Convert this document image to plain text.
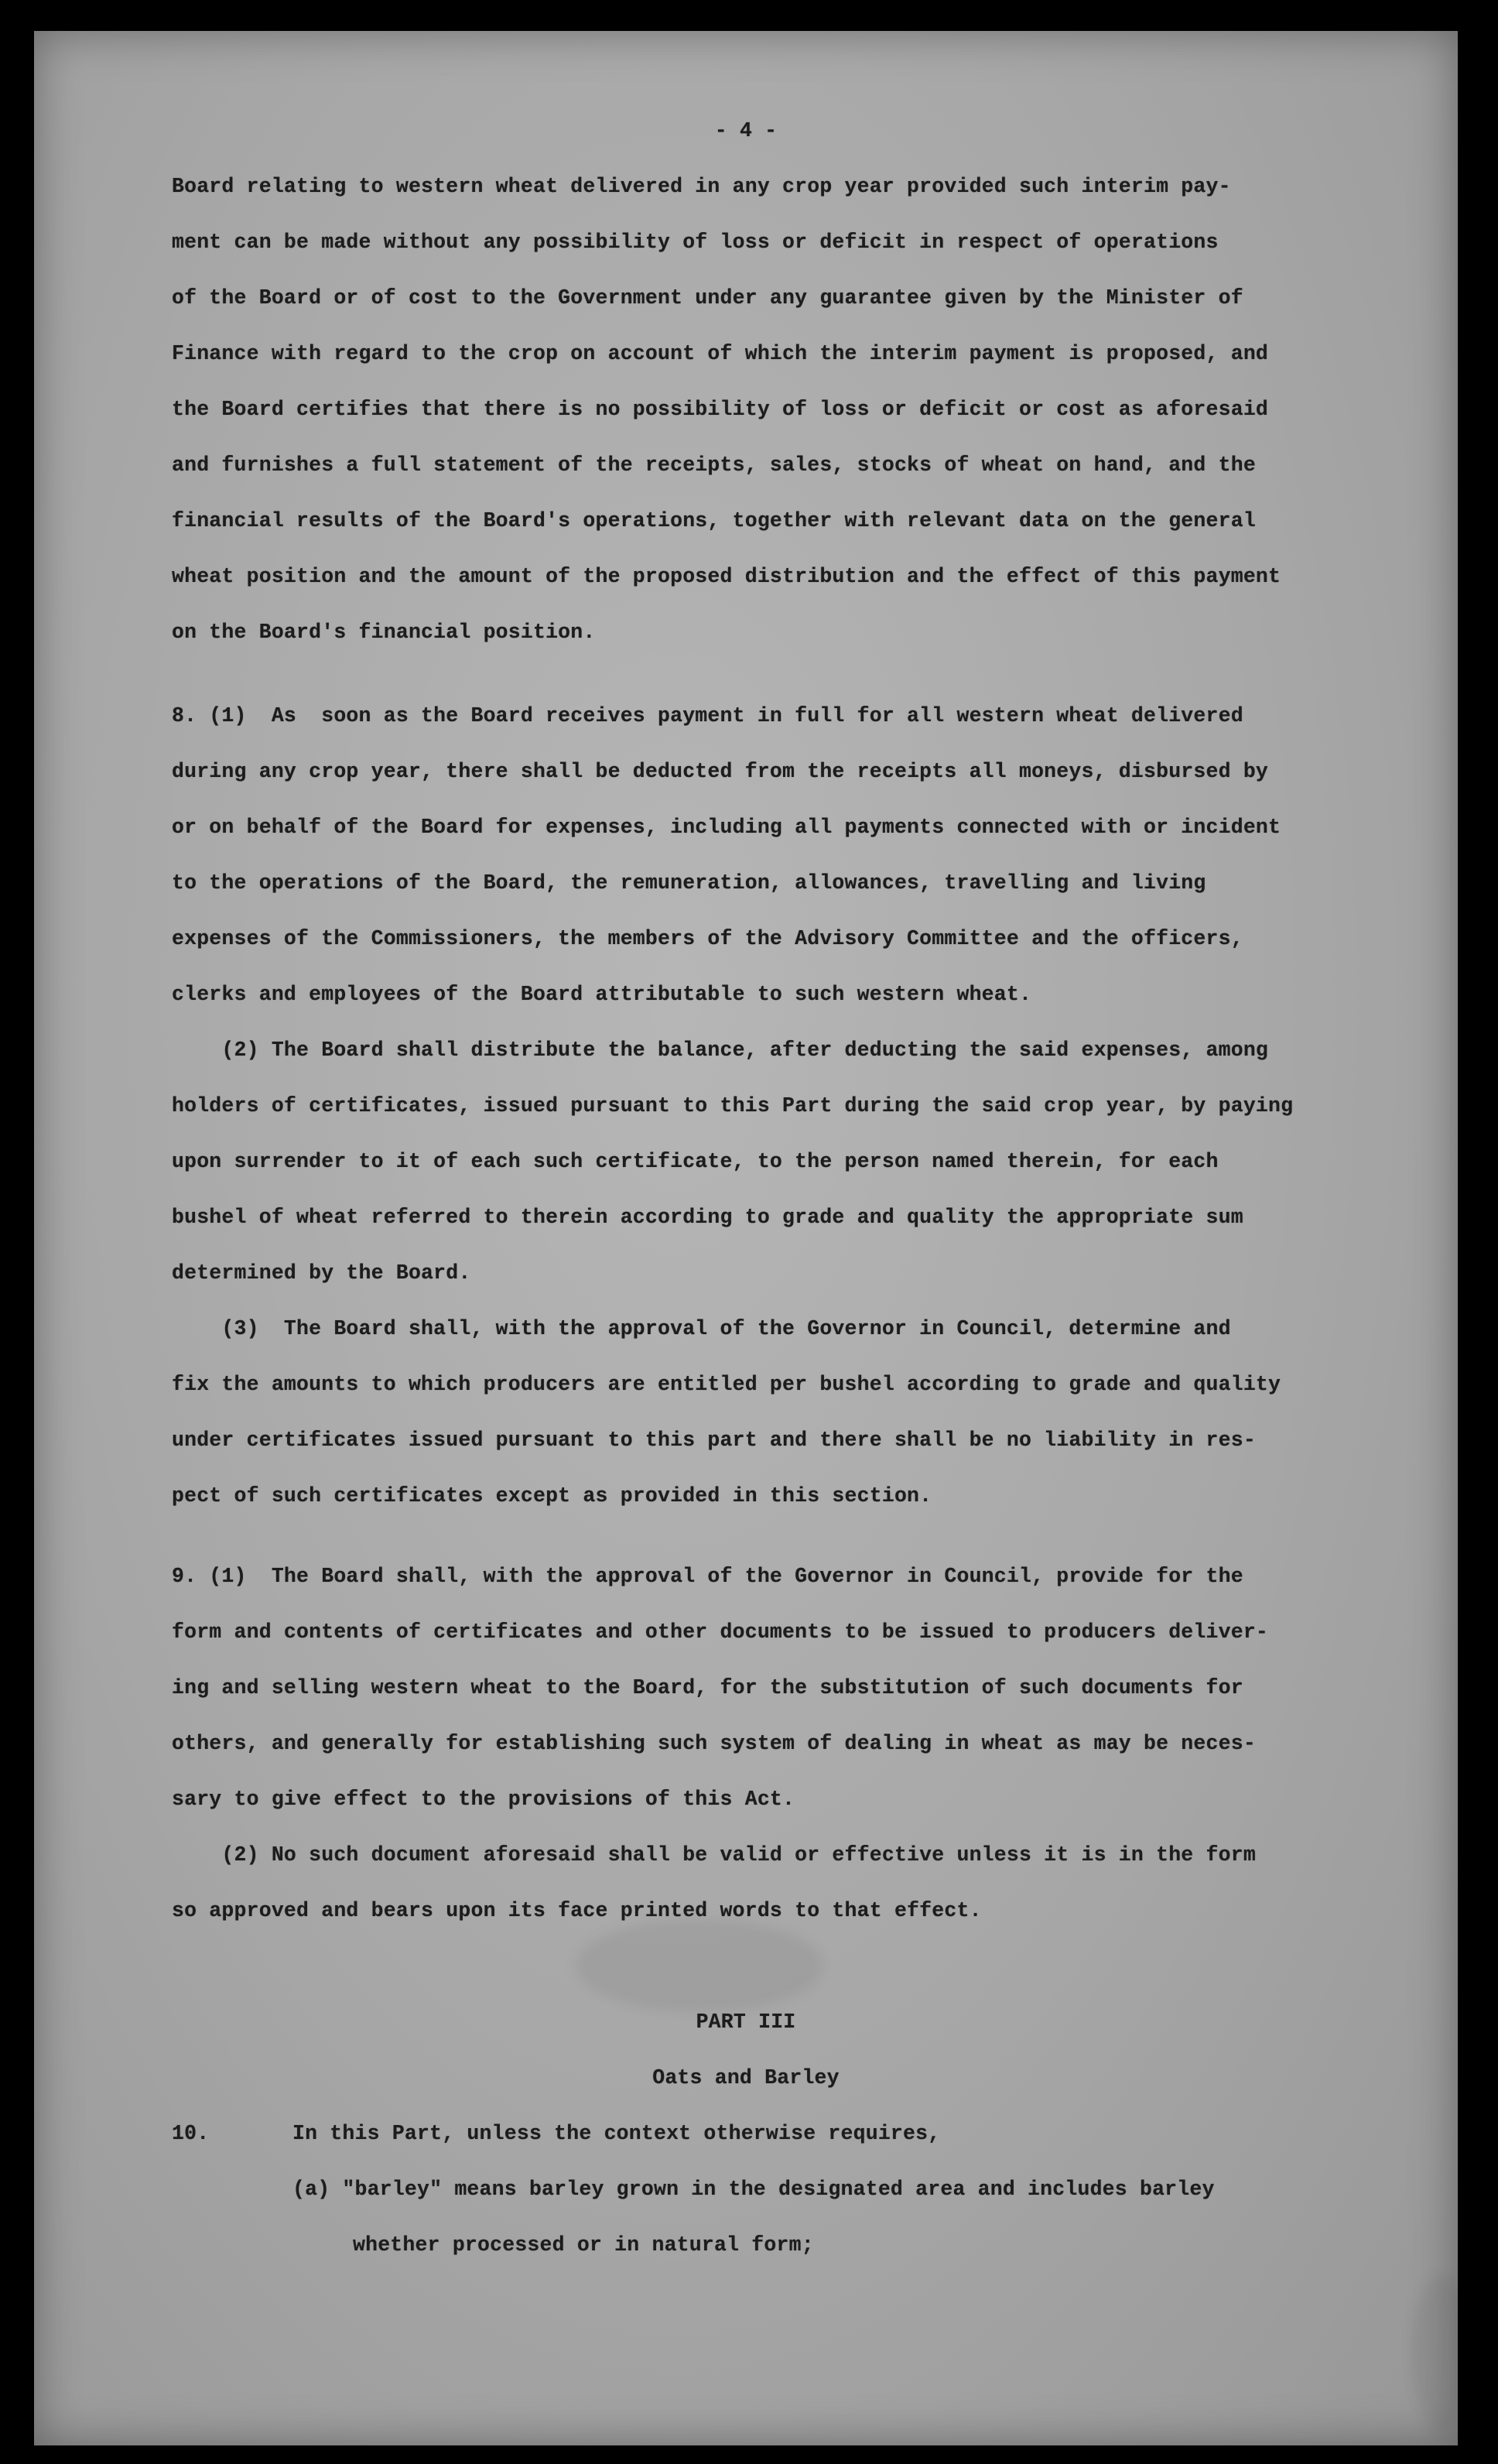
- 4 -
Board relating to western wheat delivered in any crop year provided such interim pay-
ment can be made without any possibility of loss or deficit in respect of operations
of the Board or of cost to the Government under any guarantee given by the Minister of
Finance with regard to the crop on account of which the interim payment is proposed, and
the Board certifies that there is no possibility of loss or deficit or cost as aforesaid
and furnishes a full statement of the receipts, sales, stocks of wheat on hand, and the
financial results of the Board's operations, together with relevant data on the general
wheat position and the amount of the proposed distribution and the effect of this payment
on the Board's financial position.
8. (1)  As  soon as the Board receives payment in full for all western wheat delivered
during any crop year, there shall be deducted from the receipts all moneys, disbursed by
or on behalf of the Board for expenses, including all payments connected with or incident
to the operations of the Board, the remuneration, allowances, travelling and living
expenses of the Commissioners, the members of the Advisory Committee and the officers,
clerks and employees of the Board attributable to such western wheat.
(2) The Board shall distribute the balance, after deducting the said expenses, among
holders of certificates, issued pursuant to this Part during the said crop year, by paying
upon surrender to it of each such certificate, to the person named therein, for each
bushel of wheat referred to therein according to grade and quality the appropriate sum
determined by the Board.
(3)  The Board shall, with the approval of the Governor in Council, determine and
fix the amounts to which producers are entitled per bushel according to grade and quality
under certificates issued pursuant to this part and there shall be no liability in res-
pect of such certificates except as provided in this section.
9. (1)  The Board shall, with the approval of the Governor in Council, provide for the
form and contents of certificates and other documents to be issued to producers deliver-
ing and selling western wheat to the Board, for the substitution of such documents for
others, and generally for establishing such system of dealing in wheat as may be neces-
sary to give effect to the provisions of this Act.
(2) No such document aforesaid shall be valid or effective unless it is in the form
so approved and bears upon its face printed words to that effect.
PART III
Oats and Barley
10.	In this Part, unless the context otherwise requires,
(a) "barley" means barley grown in the designated area and includes barley
whether processed or in natural form;
